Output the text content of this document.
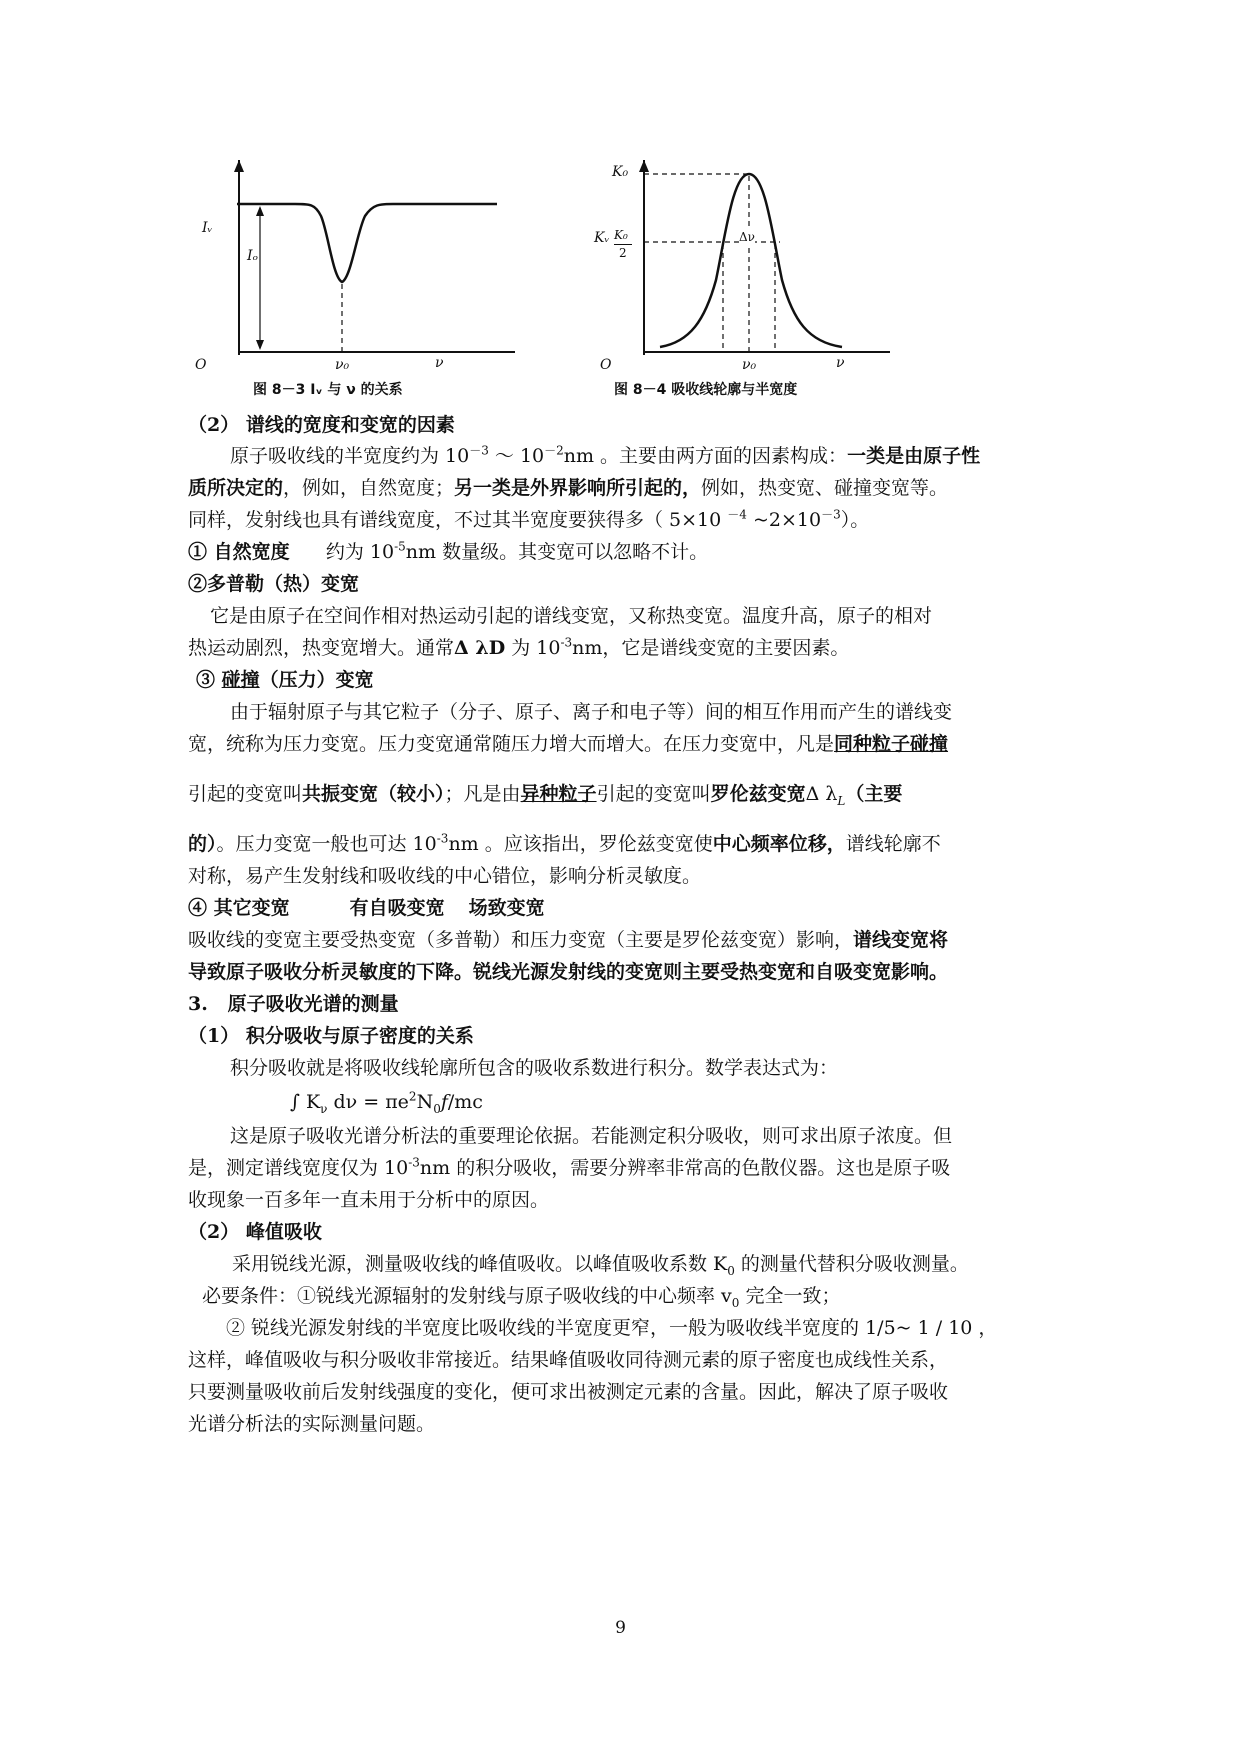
Iᵥ
Iₒ
O	ν₀	ν
图 8－3 Iᵥ 与 ν 的关系
K₀
Kᵥ K₀
2
Δν
O	ν₀	ν
图 8－4 吸收线轮廓与半宽度
（2） 谱线的宽度和变宽的因素
原子吸收线的半宽度约为 $10^{-3}$ ～ $10^{-2}nm$ 。主要由两方面的因素构成：一类是由原子性
质所决定的，例如，自然宽度；另一类是外界影响所引起的，例如，热变宽、碰撞变宽等。
同样，发射线也具有谱线宽度，不过其半宽度要狭得多（ 5×10 $^{-4}$ $\sim 2\times 10^{-3}$）。
① 自然宽度      约为 $10^{-5}nm$ 数量级。其变宽可以忽略不计。
②多普勒（热）变宽
它是由原子在空间作相对热运动引起的谱线变宽，又称热变宽。温度升高，原子的相对
热运动剧烈，热变宽增大。通常Δ λD 为 $10^{-3}nm$，它是谱线变宽的主要因素。
③ 碰撞（压力）变宽
由于辐射原子与其它粒子（分子、原子、离子和电子等）间的相互作用而产生的谱线变
宽，统称为压力变宽。压力变宽通常随压力增大而增大。在压力变宽中，凡是同种粒子碰撞
引起的变宽叫共振变宽（较小）；凡是由异种粒子引起的变宽叫罗伦兹变宽Δ $\lambda_L$（主要
的）。压力变宽一般也可达 $10^{-3}nm$ 。应该指出，罗伦兹变宽使中心频率位移，谱线轮廓不
对称，易产生发射线和吸收线的中心错位，影响分析灵敏度。
④ 其它变宽	有自吸变宽 场致变宽
吸收线的变宽主要受热变宽（多普勒）和压力变宽（主要是罗伦兹变宽）影响，谱线变宽将
导致原子吸收分析灵敏度的下降。锐线光源发射线的变宽则主要受热变宽和自吸变宽影响。
3.   原子吸收光谱的测量
（1） 积分吸收与原子密度的关系
积分吸收就是将吸收线轮廓所包含的吸收系数进行积分。数学表达式为：
∫ $K_\nu$ $d\nu = \pi e^2N_0f/mc$
这是原子吸收光谱分析法的重要理论依据。若能测定积分吸收，则可求出原子浓度。但
是，测定谱线宽度仅为 $10^{-3}nm$ 的积分吸收，需要分辨率非常高的色散仪器。这也是原子吸
收现象一百多年一直未用于分析中的原因。
（2） 峰值吸收
采用锐线光源，测量吸收线的峰值吸收。以峰值吸收系数 $K_0$ 的测量代替积分吸收测量。
必要条件：①锐线光源辐射的发射线与原子吸收线的中心频率 $v_0$ 完全一致；
② 锐线光源发射线的半宽度比吸收线的半宽度更窄，一般为吸收线半宽度的 1/5~ 1 / 10 ，
这样，峰值吸收与积分吸收非常接近。结果峰值吸收同待测元素的原子密度也成线性关系，
只要测量吸收前后发射线强度的变化，便可求出被测定元素的含量。因此，解决了原子吸收
光谱分析法的实际测量问题。
9
